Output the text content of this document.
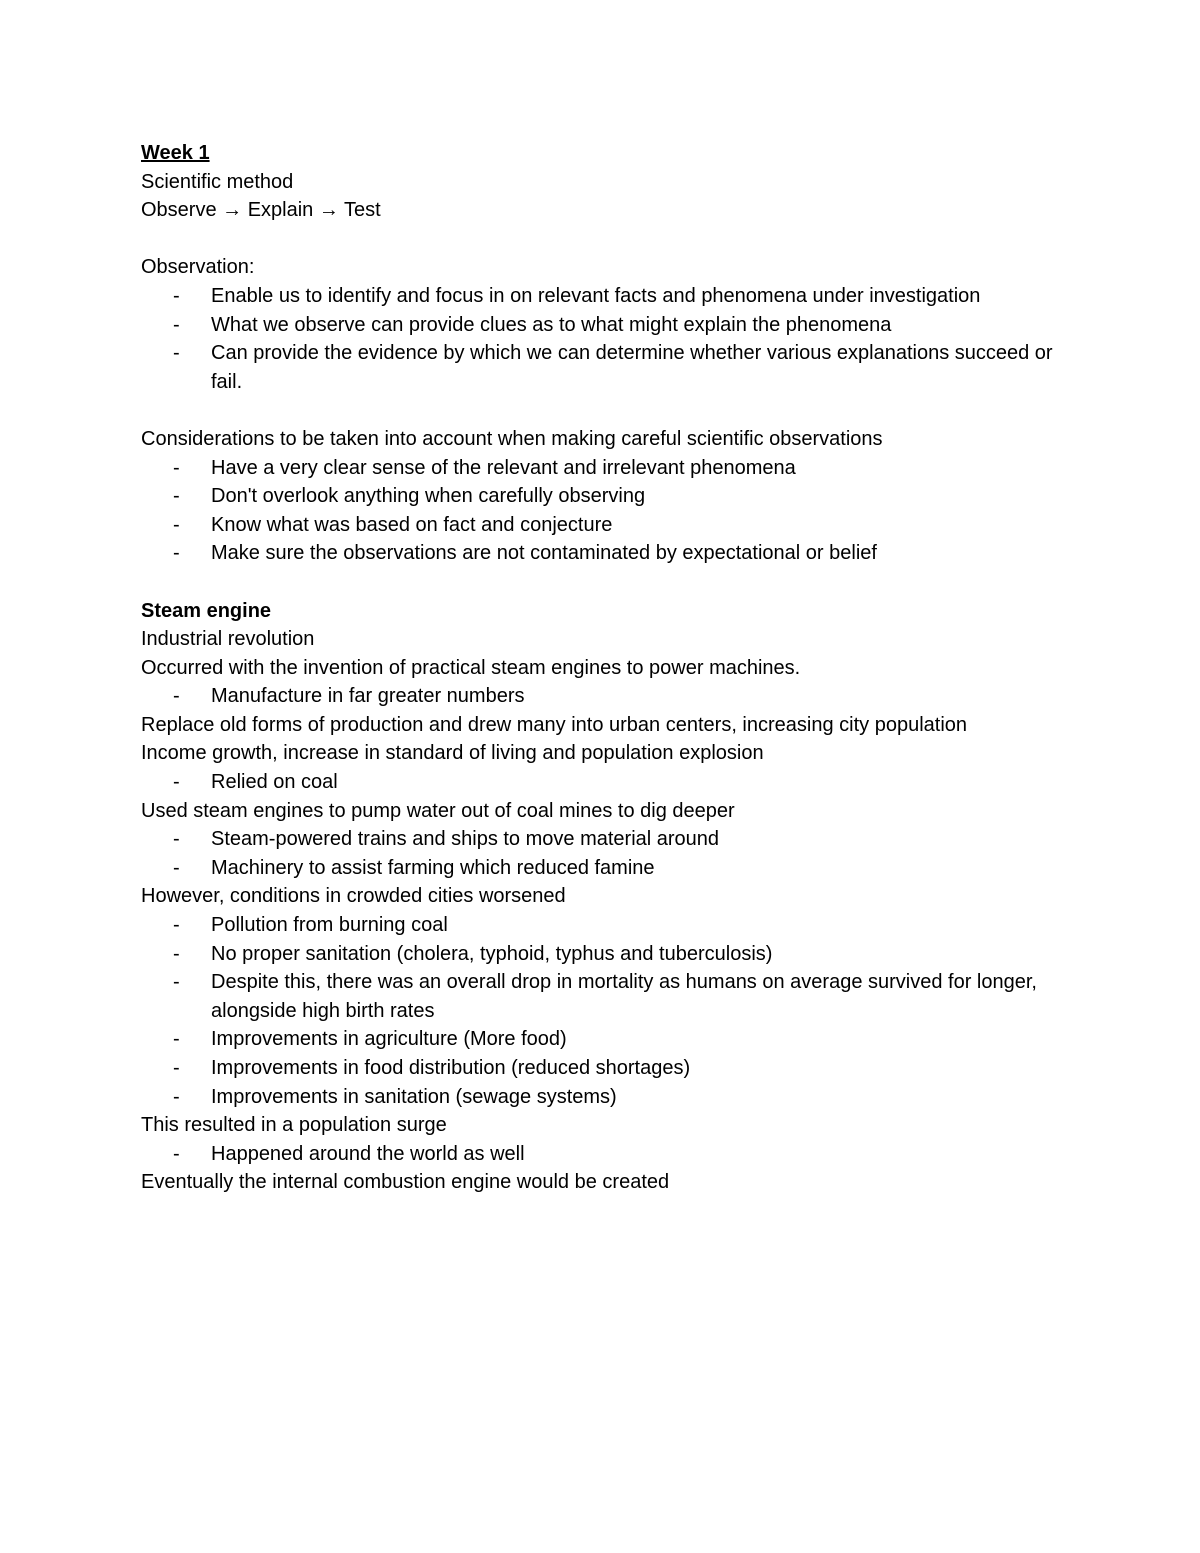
Week 1
Scientific method
Observe → Explain → Test
Observation:
- Enable us to identify and focus in on relevant facts and phenomena under investigation
- What we observe can provide clues as to what might explain the phenomena
- Can provide the evidence by which we can determine whether various explanations succeed or fail.
Considerations to be taken into account when making careful scientific observations
- Have a very clear sense of the relevant and irrelevant phenomena
- Don't overlook anything when carefully observing
- Know what was based on fact and conjecture
- Make sure the observations are not contaminated by expectational or belief
Steam engine
Industrial revolution
Occurred with the invention of practical steam engines to power machines.
- Manufacture in far greater numbers
Replace old forms of production and drew many into urban centers, increasing city population
Income growth, increase in standard of living and population explosion
- Relied on coal
Used steam engines to pump water out of coal mines to dig deeper
- Steam-powered trains and ships to move material around
- Machinery to assist farming which reduced famine
However, conditions in crowded cities worsened
- Pollution from burning coal
- No proper sanitation (cholera, typhoid, typhus and tuberculosis)
- Despite this, there was an overall drop in mortality as humans on average survived for longer, alongside high birth rates
- Improvements in agriculture (More food)
- Improvements in food distribution (reduced shortages)
- Improvements in sanitation (sewage systems)
This resulted in a population surge
- Happened around the world as well
Eventually the internal combustion engine would be created
